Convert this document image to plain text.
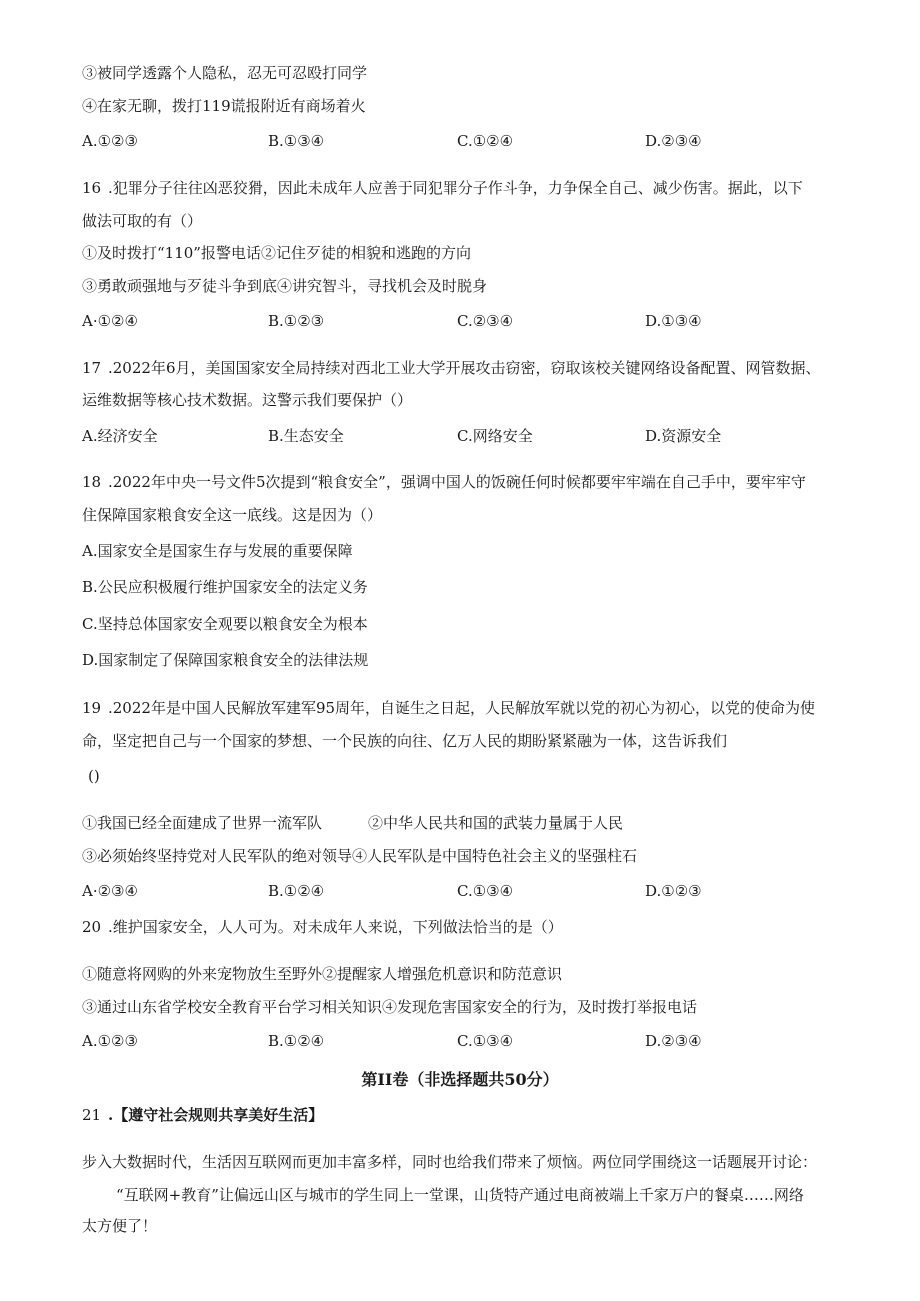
③被同学透露个人隐私，忍无可忍殴打同学
④在家无聊，拨打119谎报附近有商场着火
A.①②③	B.①③④	C.①②④	D.②③④
16 .犯罪分子往往凶恶狡猾，因此未成年人应善于同犯罪分子作斗争，力争保全自己、减少伤害。据此，以下
做法可取的有（）
①及时拨打“110”报警电话②记住歹徒的相貌和逃跑的方向
③勇敢顽强地与歹徒斗争到底④讲究智斗，寻找机会及时脱身
A·①②④	B.①②③	C.②③④	D.①③④
17 .2022年6月，美国国家安全局持续对西北工业大学开展攻击窃密，窃取该校关键网络设备配置、网管数据、
运维数据等核心技术数据。这警示我们要保护（）
A.经济安全	B.生态安全	C.网络安全	D.资源安全
18 .2022年中央一号文件5次提到“粮食安全”，强调中国人的饭碗任何时候都要牢牢端在自己手中，要牢牢守
住保障国家粮食安全这一底线。这是因为（）
A.国家安全是国家生存与发展的重要保障
B.公民应积极履行维护国家安全的法定义务
C.坚持总体国家安全观要以粮食安全为根本
D.国家制定了保障国家粮食安全的法律法规
19 .2022年是中国人民解放军建军95周年，自诞生之日起，人民解放军就以党的初心为初心，以党的使命为使
命，坚定把自己与一个国家的梦想、一个民族的向往、亿万人民的期盼紧紧融为一体，这告诉我们
()
①我国已经全面建成了世界一流军队	②中华人民共和国的武装力量属于人民
③必须始终坚持党对人民军队的绝对领导④人民军队是中国特色社会主义的坚强柱石
A·②③④	B.①②④	C.①③④	D.①②③
20 .维护国家安全，人人可为。对未成年人来说，下列做法恰当的是（）
①随意将网购的外来宠物放生至野外②提醒家人增强危机意识和防范意识
③通过山东省学校安全教育平台学习相关知识④发现危害国家安全的行为，及时拨打举报电话
A.①②③	B.①②④	C.①③④	D.②③④
第II卷（非选择题共50分）
21 .【遵守社会规则共享美好生活】
步入大数据时代，生活因互联网而更加丰富多样，同时也给我们带来了烦恼。两位同学围绕这一话题展开讨论：
“互联网+教育”让偏远山区与城市的学生同上一堂课，山货特产通过电商被端上千家万户的餐桌……网络
太方便了！
